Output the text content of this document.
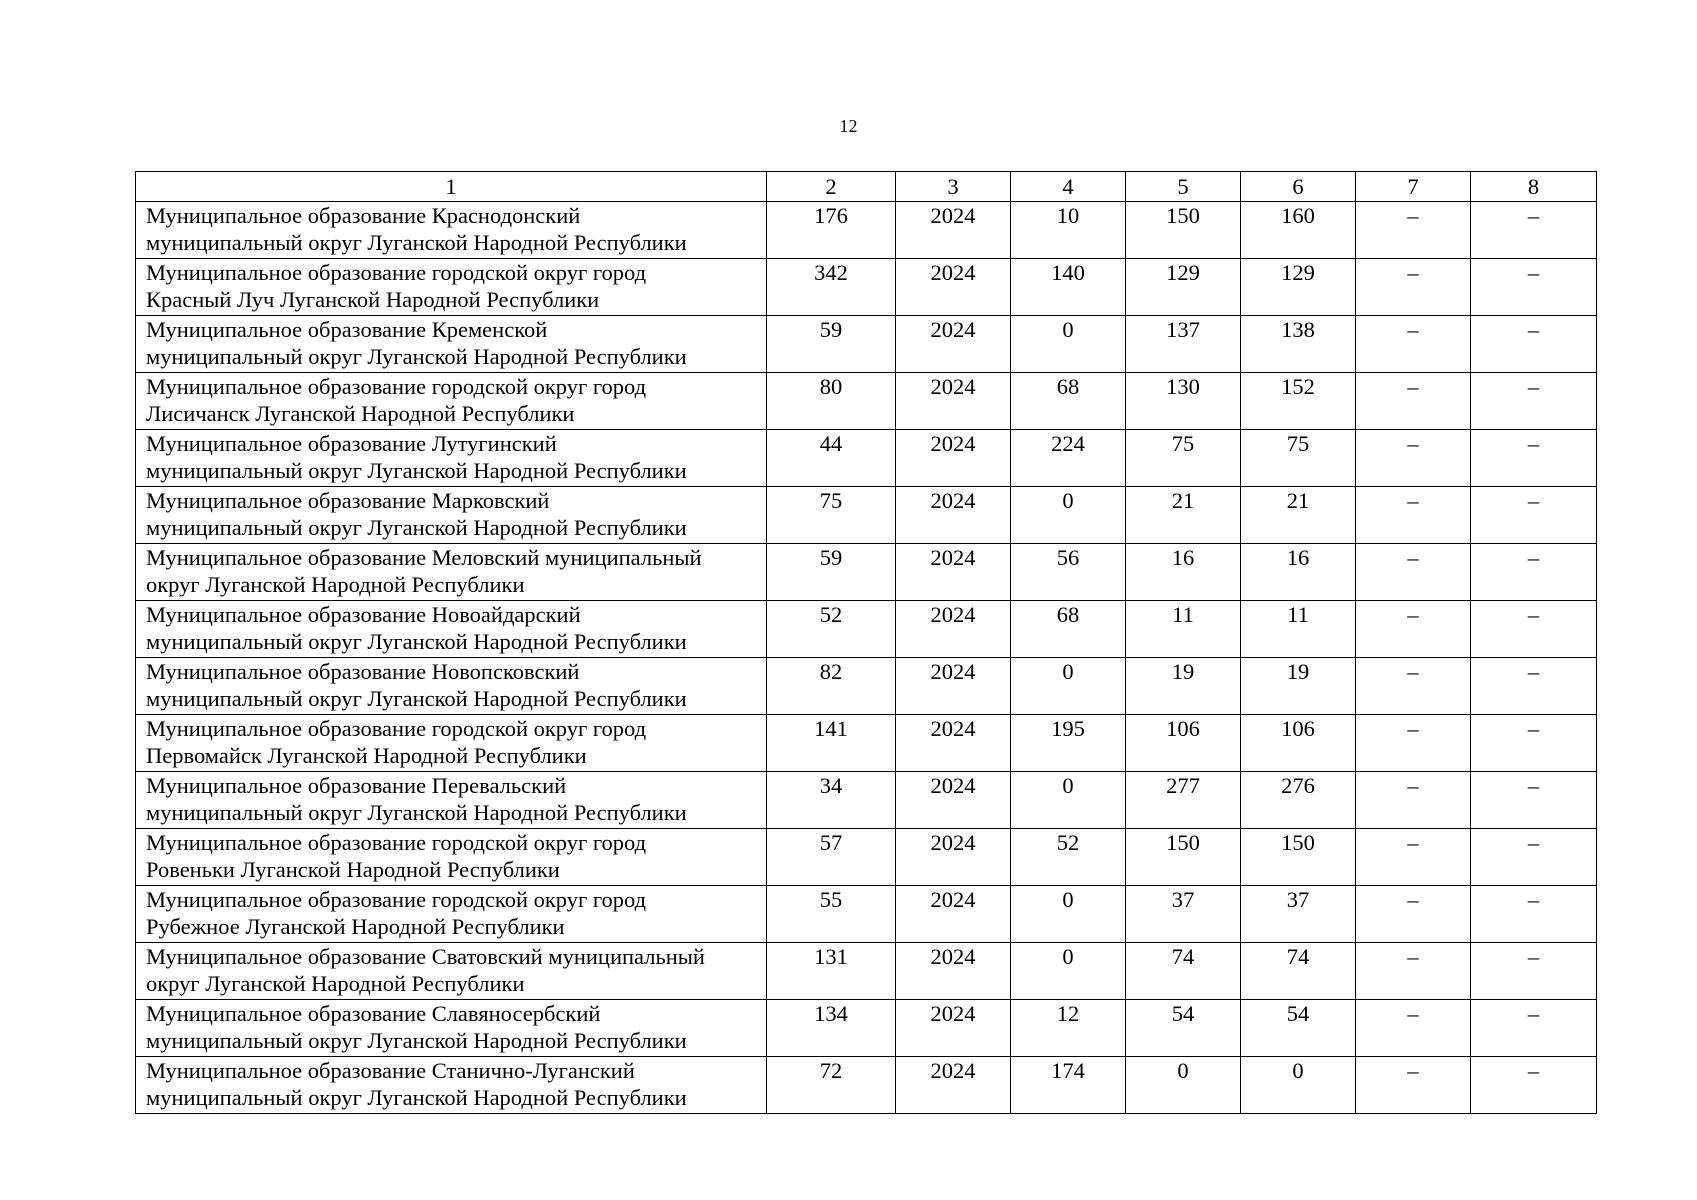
12
1	2	3	4	5	6	7	8

Муниципальное образование Краснодонский
муниципальный округ Луганской Народной Республики	176	2024	10	150	160	–	–

Муниципальное образование городской округ город
Красный Луч Луганской Народной Республики	342	2024	140	129	129	–	–

Муниципальное образование Кременской
муниципальный округ Луганской Народной Республики	59	2024	0	137	138	–	–

Муниципальное образование городской округ город
Лисичанск Луганской Народной Республики	80	2024	68	130	152	–	–

Муниципальное образование Лутугинский
муниципальный округ Луганской Народной Республики	44	2024	224	75	75	–	–

Муниципальное образование Марковский
муниципальный округ Луганской Народной Республики	75	2024	0	21	21	–	–

Муниципальное образование Меловский муниципальный
округ Луганской Народной Республики	59	2024	56	16	16	–	–

Муниципальное образование Новоайдарский
муниципальный округ Луганской Народной Республики	52	2024	68	11	11	–	–

Муниципальное образование Новопсковский
муниципальный округ Луганской Народной Республики	82	2024	0	19	19	–	–

Муниципальное образование городской округ город
Первомайск Луганской Народной Республики	141	2024	195	106	106	–	–

Муниципальное образование Перевальский
муниципальный округ Луганской Народной Республики	34	2024	0	277	276	–	–

Муниципальное образование городской округ город
Ровеньки Луганской Народной Республики	57	2024	52	150	150	–	–

Муниципальное образование городской округ город
Рубежное Луганской Народной Республики	55	2024	0	37	37	–	–

Муниципальное образование Сватовский муниципальный
округ Луганской Народной Республики	131	2024	0	74	74	–	–

Муниципальное образование Славяносербский
муниципальный округ Луганской Народной Республики	134	2024	12	54	54	–	–

Муниципальное образование Станично-Луганский
муниципальный округ Луганской Народной Республики	72	2024	174	0	0	–	–
